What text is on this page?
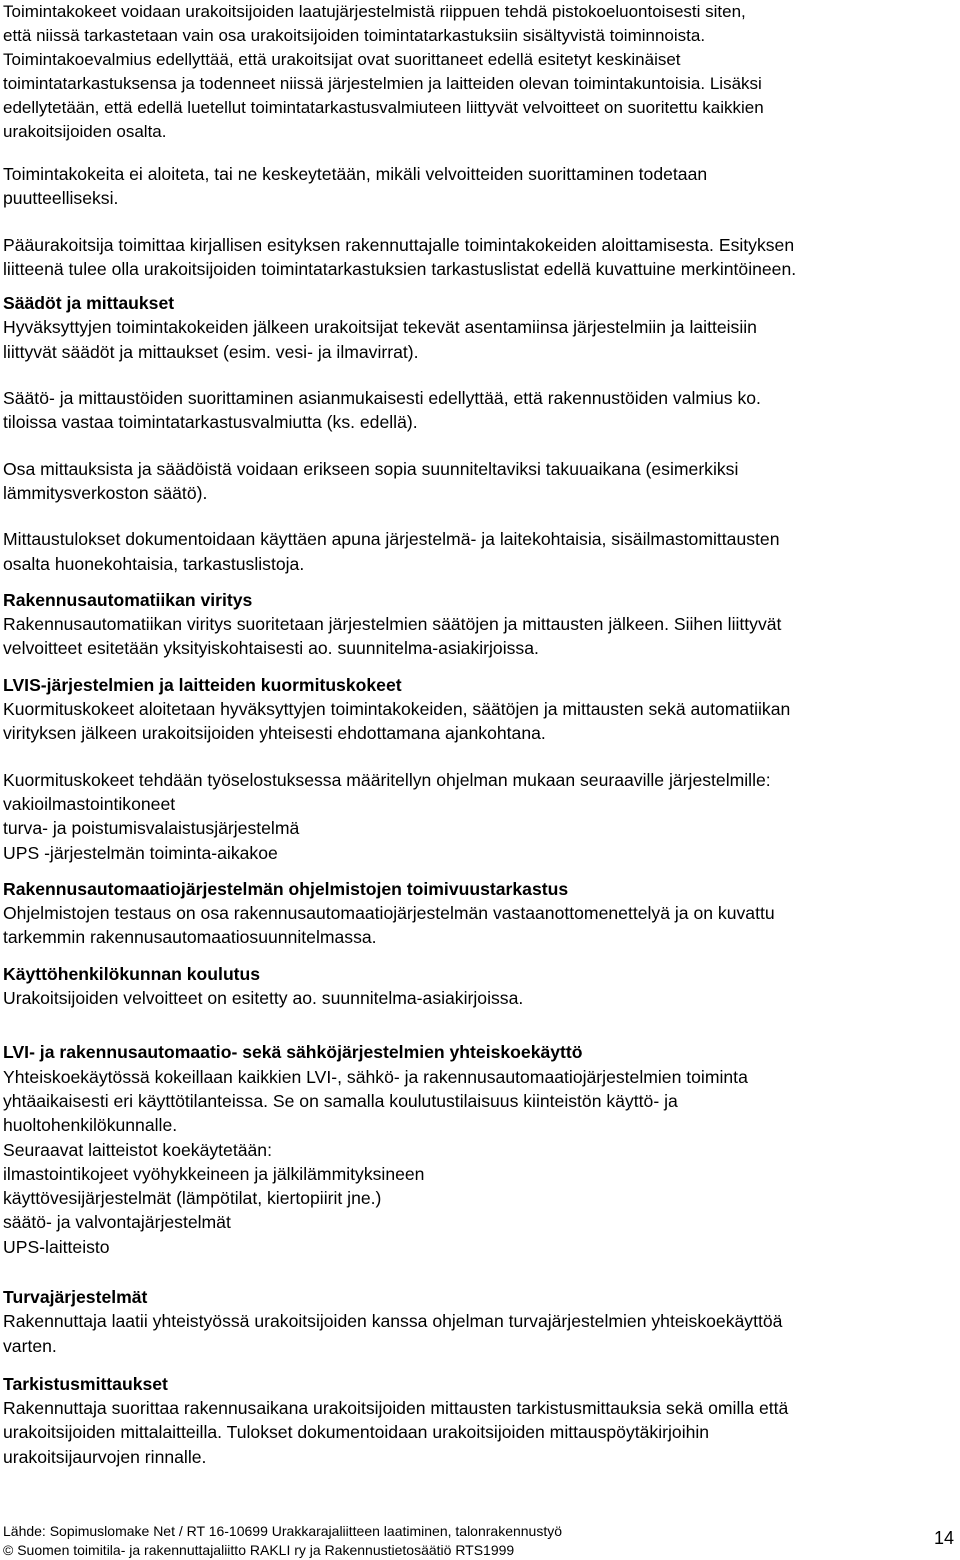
Toimintakokeet voidaan urakoitsijoiden laatujärjestelmistä riippuen tehdä pistokoeluontoisesti siten,
että niissä tarkastetaan vain osa urakoitsijoiden toimintatarkastuksiin sisältyvistä toiminnoista.
Toimintakoevalmius edellyttää, että urakoitsijat ovat suorittaneet edellä esitetyt keskinäiset
toimintatarkastuksensa ja todenneet niissä järjestelmien ja laitteiden olevan toimintakuntoisia. Lisäksi
edellytetään, että edellä luetellut toimintatarkastusvalmiuteen liittyvät velvoitteet on suoritettu kaikkien
urakoitsijoiden osalta.

Toimintakokeita ei aloiteta, tai ne keskeytetään, mikäli velvoitteiden suorittaminen todetaan
puutteelliseksi.

Pääurakoitsija toimittaa kirjallisen esityksen rakennuttajalle toimintakokeiden aloittamisesta. Esityksen
liitteenä tulee olla urakoitsijoiden toimintatarkastuksien tarkastuslistat edellä kuvattuine merkintöineen.

Säädöt ja mittaukset

Hyväksyttyjen toimintakokeiden jälkeen urakoitsijat tekevät asentamiinsa järjestelmiin ja laitteisiin
liittyvät säädöt ja mittaukset (esim. vesi- ja ilmavirrat).

Säätö- ja mittaustöiden suorittaminen asianmukaisesti edellyttää, että rakennustöiden valmius ko.
tiloissa vastaa toimintatarkastusvalmiutta (ks. edellä).

Osa mittauksista ja säädöistä voidaan erikseen sopia suunniteltaviksi takuuaikana (esimerkiksi
lämmitysverkoston säätö).

Mittaustulokset dokumentoidaan käyttäen apuna järjestelmä- ja laitekohtaisia, sisäilmastomittausten
osalta huonekohtaisia, tarkastuslistoja.

Rakennusautomatiikan viritys

Rakennusautomatiikan viritys suoritetaan järjestelmien säätöjen ja mittausten jälkeen. Siihen liittyvät
velvoitteet esitetään yksityiskohtaisesti ao. suunnitelma-asiakirjoissa.

LVIS-järjestelmien ja laitteiden kuormituskokeet

Kuormituskokeet aloitetaan hyväksyttyjen toimintakokeiden, säätöjen ja mittausten sekä automatiikan
virityksen jälkeen urakoitsijoiden yhteisesti ehdottamana ajankohtana.

Kuormituskokeet tehdään työselostuksessa määritellyn ohjelman mukaan seuraaville järjestelmille:
vakioilmastointikoneet
turva- ja poistumisvalaistusjärjestelmä
UPS -järjestelmän toiminta-aikakoe

Rakennusautomaatiojärjestelmän ohjelmistojen toimivuustarkastus

Ohjelmistojen testaus on osa rakennusautomaatiojärjestelmän vastaanottomenettelyä ja on kuvattu
tarkemmin rakennusautomaatiosuunnitelmassa.

Käyttöhenkilökunnan koulutus

Urakoitsijoiden velvoitteet on esitetty ao. suunnitelma-asiakirjoissa.

LVI- ja rakennusautomaatio- sekä sähköjärjestelmien yhteiskoekäyttö

Yhteiskoekäytössä kokeillaan kaikkien LVI-, sähkö- ja rakennusautomaatiojärjestelmien toiminta
yhtäaikaisesti eri käyttötilanteissa. Se on samalla koulutustilaisuus kiinteistön käyttö- ja
huoltohenkilökunnalle.
Seuraavat laitteistot koekäytetään:
ilmastointikojeet vyöhykkeineen ja jälkilämmityksineen
käyttövesijärjestelmät (lämpötilat, kiertopiirit jne.)
säätö- ja valvontajärjestelmät
UPS-laitteisto

Turvajärjestelmät

Rakennuttaja laatii yhteistyössä urakoitsijoiden kanssa ohjelman turvajärjestelmien yhteiskoekäyttöä
varten.

Tarkistusmittaukset

Rakennuttaja suorittaa rakennusaikana urakoitsijoiden mittausten tarkistusmittauksia sekä omilla että
urakoitsijoiden mittalaitteilla. Tulokset dokumentoidaan urakoitsijoiden mittauspöytäkirjoihin
urakoitsijaurvojen rinnalle.

Lähde: Sopimuslomake Net / RT 16-10699 Urakkarajaliitteen laatiminen, talonrakennustyö
© Suomen toimitila- ja rakennuttajaliitto RAKLI ry ja Rakennustietosäätiö RTS1999
14
